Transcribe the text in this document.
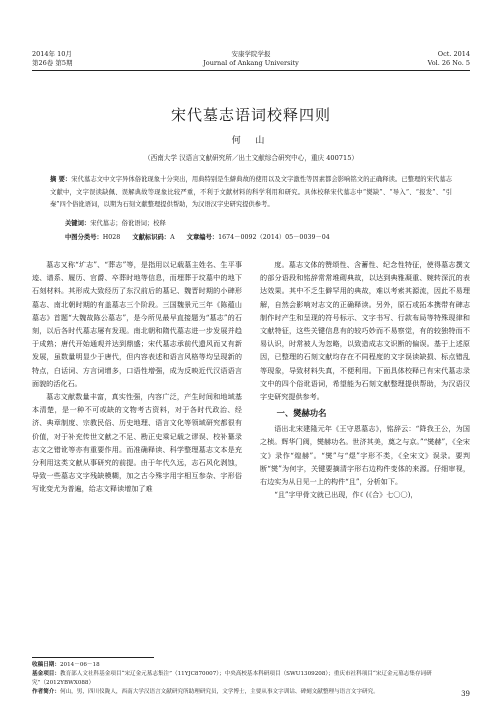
2014年 10月
第26卷 第5期
安康学院学报
Journal of Ankang University
Oct. 2014
Vol. 26 No. 5
宋代墓志语词校释四则
何 山
（西南大学 汉语言文献研究所／出土文献综合研究中心，重庆 400715）
摘 要：宋代墓志文中文字异体俗讹现象十分突出，用典特别是生僻典故的使用以及文字激性等因素都会影响铭文的正确释读。已整理的宋代墓志文献中，文字误读缺佩、误解典故等现象比较严重，不利于文献材料的科学利用和研究。具体校释宋代墓志中“爕缺”、“导入”、“报发”、“引秦”四个俗讹语词，以期为石刻文献整理提供帮助，为汉语汉字史研究提供参考。
关键词：宋代墓志；俗讹语词；校释
中图分类号：H028 文献标识码：A 文章编号：1674－0092（2014）05－0039－04

墓志又称“圹志”、“葬志”等，是指用以记载墓主姓名、生平事迹、谱系、履历、官爵、卒葬时地等信息，而埋葬于坟墓中的地下石刻材料。其形成大致经历了东汉前后的墓记、魏晋时期的小碑形墓志、南北朝时期的有盖墓志三个阶段。三国魏景元三年《陈蕴山墓志》首题“大魏故陈公墓志”，是今所见最早直接题为“墓志”的石刻，以后各时代墓志屡有发现。南北朝和隋代墓志进一步发展并趋于成熟；唐代开始通观并达到鼎盛；宋代墓志承前代遗风而又有新发展，虽数量明显少于唐代，但内容表述和语言风格等均呈现新的特点，白话词、方言词增多，口语性增强，成为反映近代汉语语言面貌的活化石。

墓志文献数量丰富，真实性强，内容广泛，产生时间和地域基本清楚，是一种不可或缺的文物考古资料，对于各时代政治、经济、典章制度、宗教民俗、历史地理、语言文化等领域研究都很有价值，对于补充传世文献之不足、勘正史乘记载之谬误、校补纂录志文之错讹等亦有重要作用。而准确释读、科学整理墓志文本是充分利用这类文献从事研究的前提。由于年代久远，志石风化剥蚀，导致一些墓志文字残缺模糊，加之古今殊字用字相互参杂、字形俗写讹变尤为普遍，给志文释读增加了难

度。墓志文体的赞颂性、含蓄性、纪念性特征，使得墓志撰文的部分语段和铭辞常常堆砌典故，以达到典雅凝重、婉转深沉的表达效果。其中不乏生僻罕用的典故，难以考索其源流，因此不易理解，自然会影响对志文的正确释读。另外，原石或拓本携带有碑志制作时产生和呈现的符号标示、文字书写、行款布局等特殊现律和文献特征，这些关键信息有的较巧妙而不易察觉，有的较独特而不易认识，时常被人为忽略，以致造成志文识断的偏误。基于上述原因，已整理的石刻文献均存在不同程度的文字误读缺损、标点错乱等现象，导致材料失真，不便利用。下面具体校释已有宋代墓志录文中的四个俗讹语词，希望能为石刻文献整理提供帮助，为汉语汉字史研究提供参考。

一、爕赫功名

语出北宋建隆元年《王守恩墓志》，铭辞云：“降我王公，为国之桢。辉华门阀，爕赫功名。世济其美，奠之与京。”“爕赫”，《全宋文》录作“煌赫”。“爕”与“煜”字形不类，《全宋文》误录。要判断“爕”为何字，关键要摘清字形右边构件变体的来源。仔细审视，右边实为从日见一上的构件“且”，分析如下。

“且”字甲骨文就已出现，作☾(《合》七〇〇)，

收稿日期：2014－06－18
基金项目：教育部人文社科基金项目“宋辽金元墓志集注”（11YJC870007）；中央高校基本科研项目（SWU1309208）；重庆市社科项目“宋辽金元墓志集存词研究”（2012YBWX088）
作者简介：何山，男，四川仪陇人，西南大学汉语言文献研究所助理研究员，文学博士，主要从事文字训诂、碑刻文献整理与语言文字研究。	39
